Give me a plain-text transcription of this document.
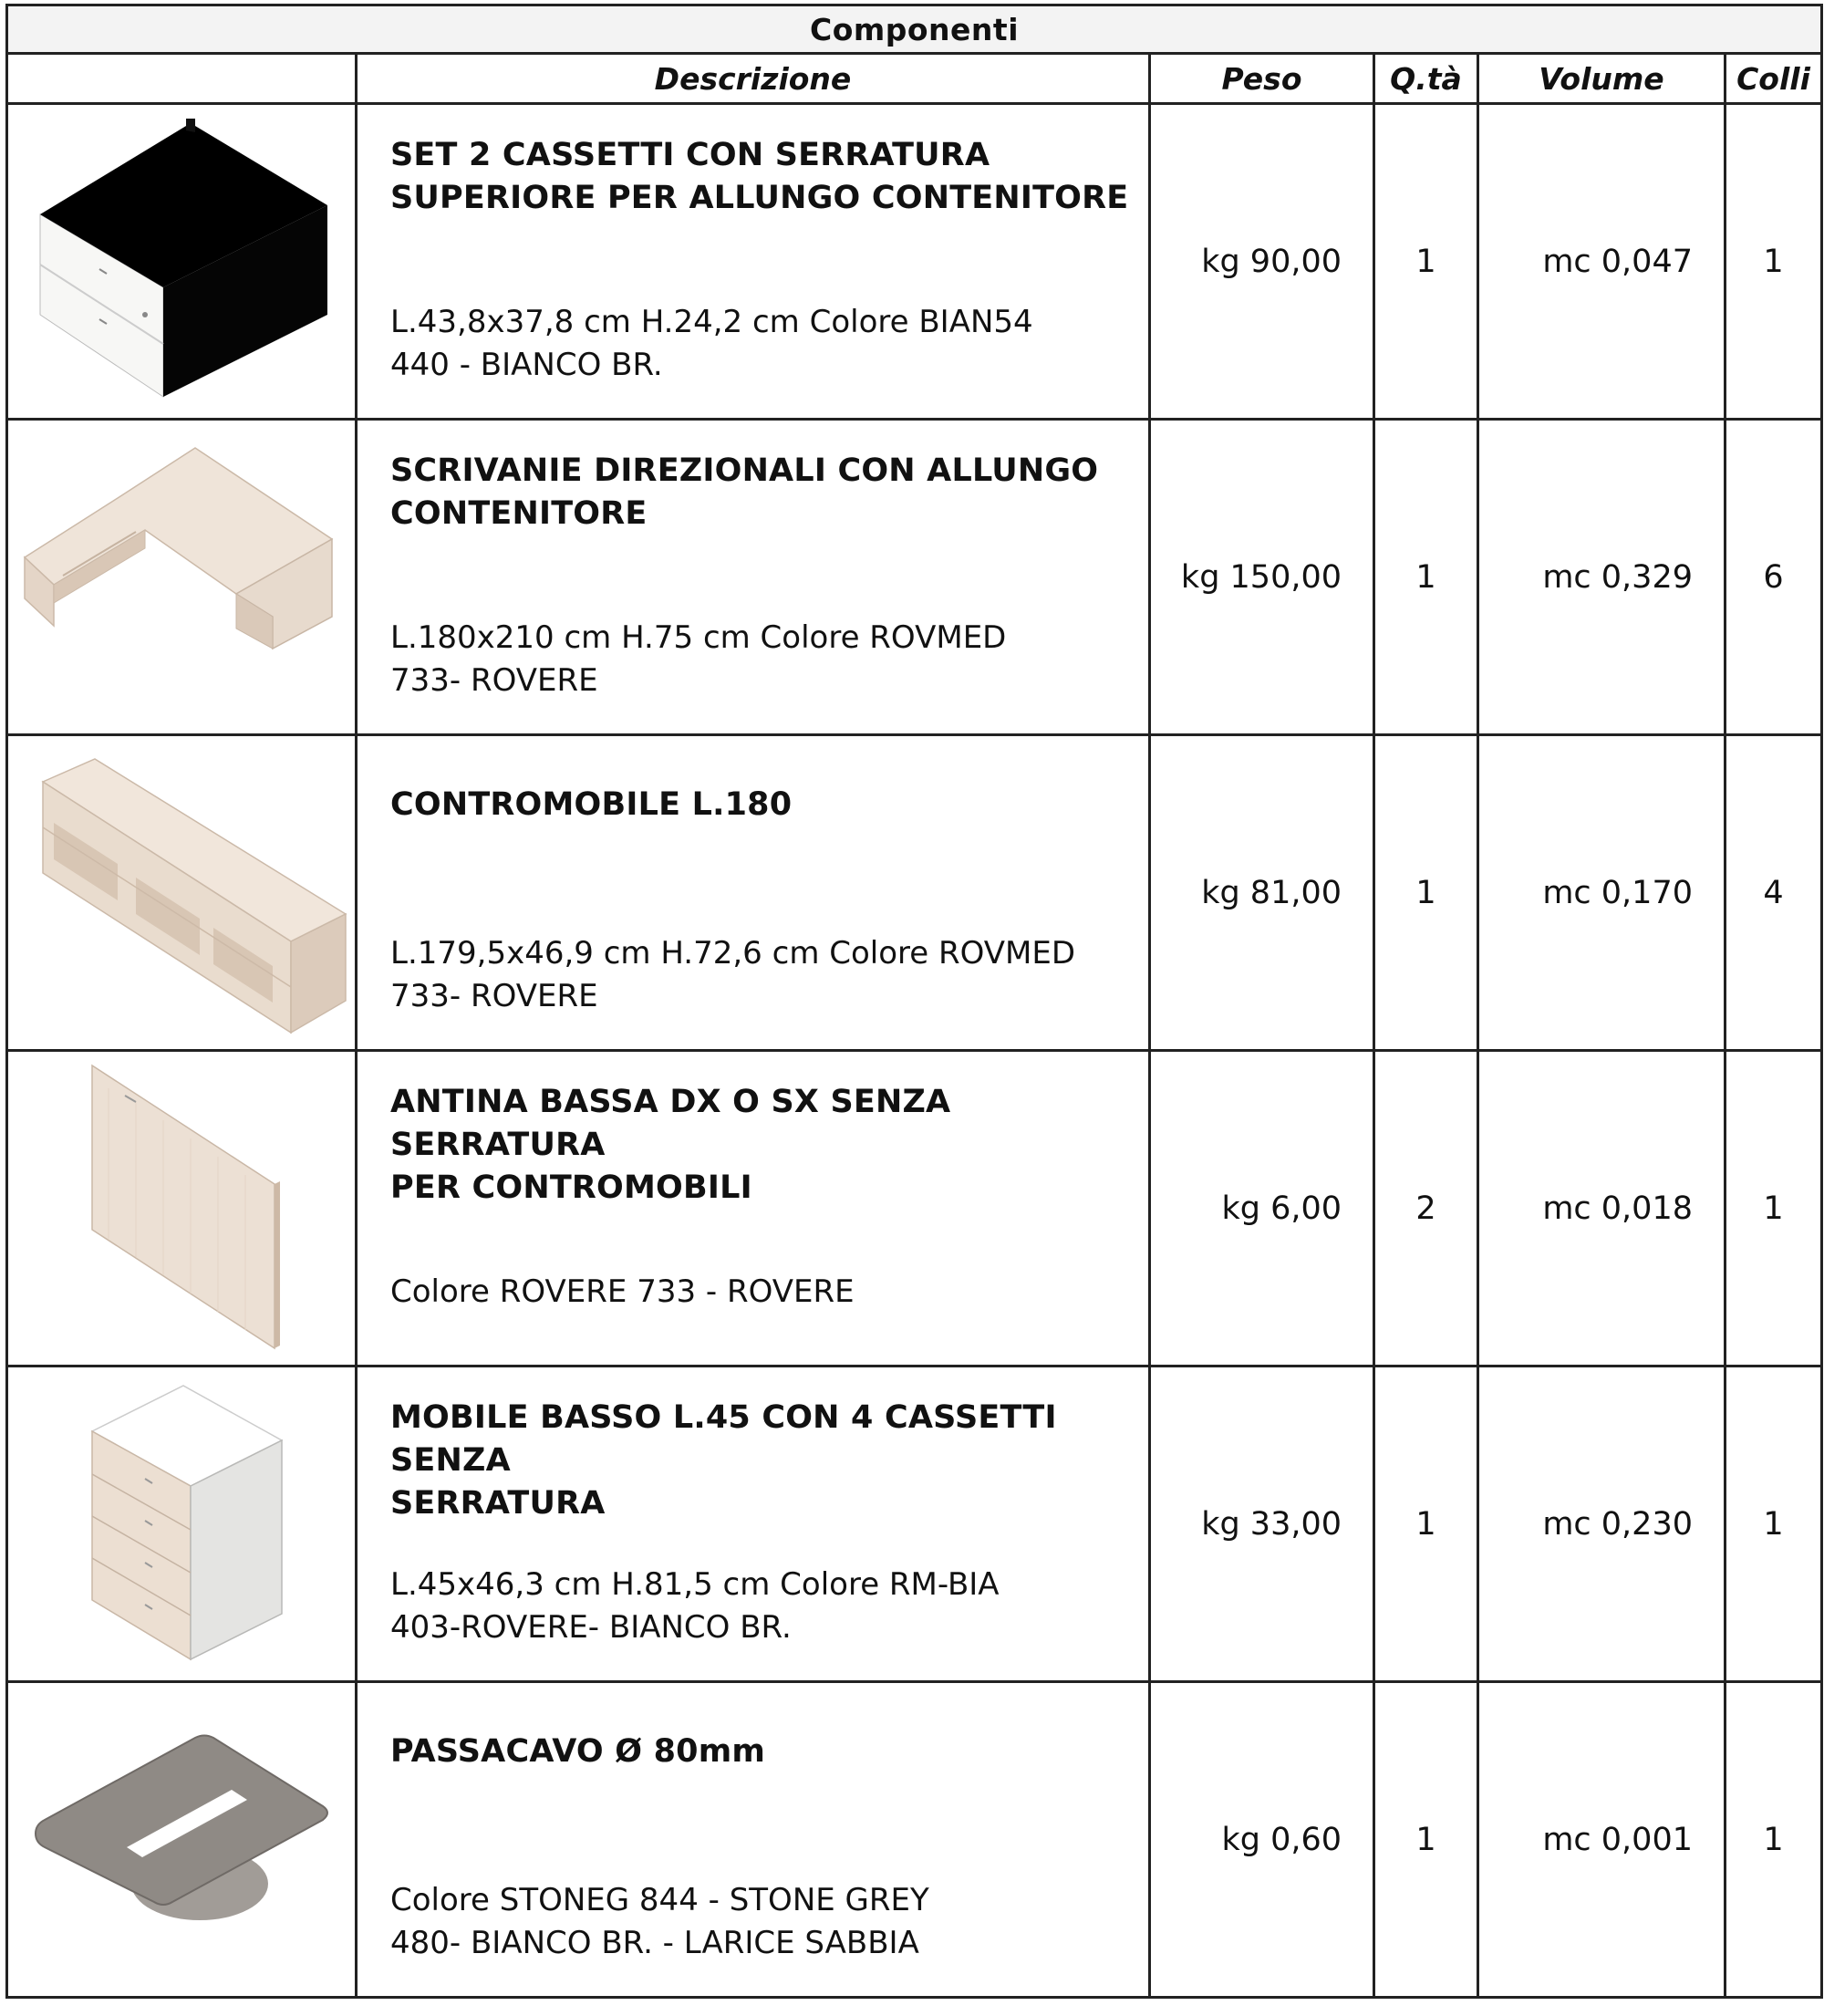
Componenti					
	Descrizione	Peso	Q.tà	Volume	Colli

SET 2 CASSETTI CON SERRATURA
SUPERIORE PER ALLUNGO CONTENITORE
L.43,8x37,8 cm H.24,2 cm Colore BIAN54
440 - BIANCO BR.	kg 90,00	1	mc 0,047	1

SCRIVANIE DIREZIONALI CON ALLUNGO
CONTENITORE
L.180x210 cm H.75 cm Colore ROVMED
733- ROVERE	kg 150,00	1	mc 0,329	6

CONTROMOBILE L.180
L.179,5x46,9 cm H.72,6 cm Colore ROVMED
733- ROVERE	kg 81,00	1	mc 0,170	4

ANTINA BASSA DX O SX SENZA SERRATURA
PER CONTROMOBILI
Colore ROVERE 733 - ROVERE	kg 6,00	2	mc 0,018	1

MOBILE BASSO L.45 CON 4 CASSETTI SENZA
SERRATURA
L.45x46,3 cm H.81,5 cm Colore RM-BIA
403-ROVERE- BIANCO BR.	kg 33,00	1	mc 0,230	1

PASSACAVO Ø 80mm
Colore STONEG 844 - STONE GREY
480- BIANCO BR. - LARICE SABBIA	kg 0,60	1	mc 0,001	1
